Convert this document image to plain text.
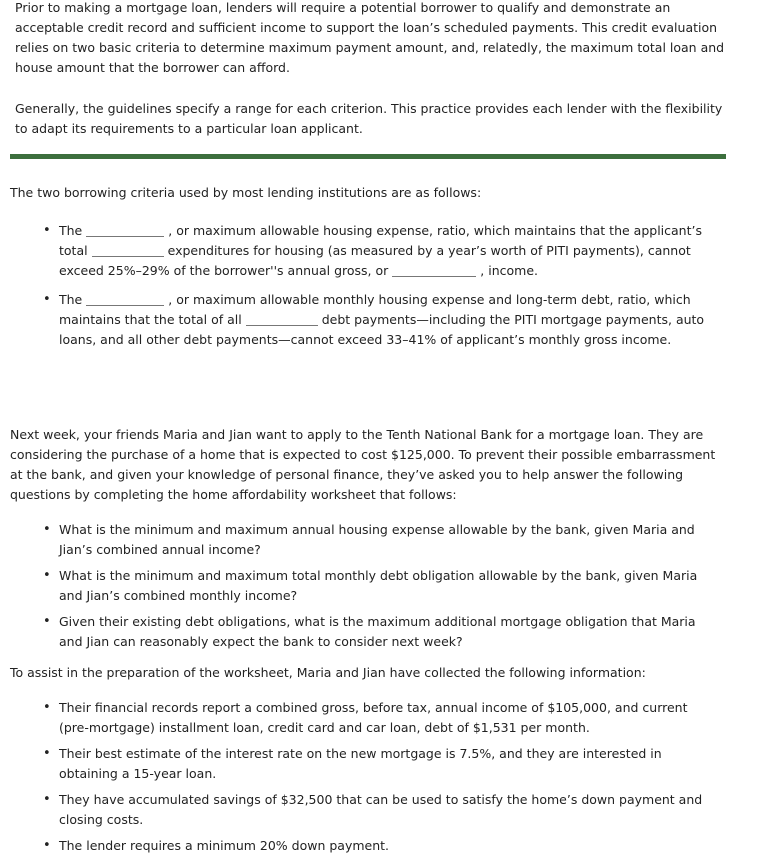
Prior to making a mortgage loan, lenders will require a potential borrower to qualify and demonstrate an acceptable credit record and sufficient income to support the loan’s scheduled payments. This credit evaluation relies on two basic criteria to determine maximum payment amount, and, relatedly, the maximum total loan and house amount that the borrower can afford.

Generally, the guidelines specify a range for each criterion. This practice provides each lender with the flexibility to adapt its requirements to a particular loan applicant.

The two borrowing criteria used by most lending institutions are as follows:

• The	, or maximum allowable housing expense, ratio, which maintains that the applicant’s total	expenditures for housing (as measured by a year’s worth of PITI payments), cannot exceed 25%–29% of the borrower''s annual gross, or	, income.
• The	, or maximum allowable monthly housing expense and long-term debt, ratio, which maintains that the total of all	debt payments—including the PITI mortgage payments, auto loans, and all other debt payments—cannot exceed 33–41% of applicant’s monthly gross income.

Next week, your friends Maria and Jian want to apply to the Tenth National Bank for a mortgage loan. They are considering the purchase of a home that is expected to cost $125,000. To prevent their possible embarrassment at the bank, and given your knowledge of personal finance, they’ve asked you to help answer the following questions by completing the home affordability worksheet that follows:

• What is the minimum and maximum annual housing expense allowable by the bank, given Maria and Jian’s combined annual income?
• What is the minimum and maximum total monthly debt obligation allowable by the bank, given Maria and Jian’s combined monthly income?
• Given their existing debt obligations, what is the maximum additional mortgage obligation that Maria and Jian can reasonably expect the bank to consider next week?

To assist in the preparation of the worksheet, Maria and Jian have collected the following information:

• Their financial records report a combined gross, before tax, annual income of $105,000, and current (pre-mortgage) installment loan, credit card and car loan, debt of $1,531 per month.
• Their best estimate of the interest rate on the new mortgage is 7.5%, and they are interested in obtaining a 15-year loan.
• They have accumulated savings of $32,500 that can be used to satisfy the home’s down payment and closing costs.
• The lender requires a minimum 20% down payment.
